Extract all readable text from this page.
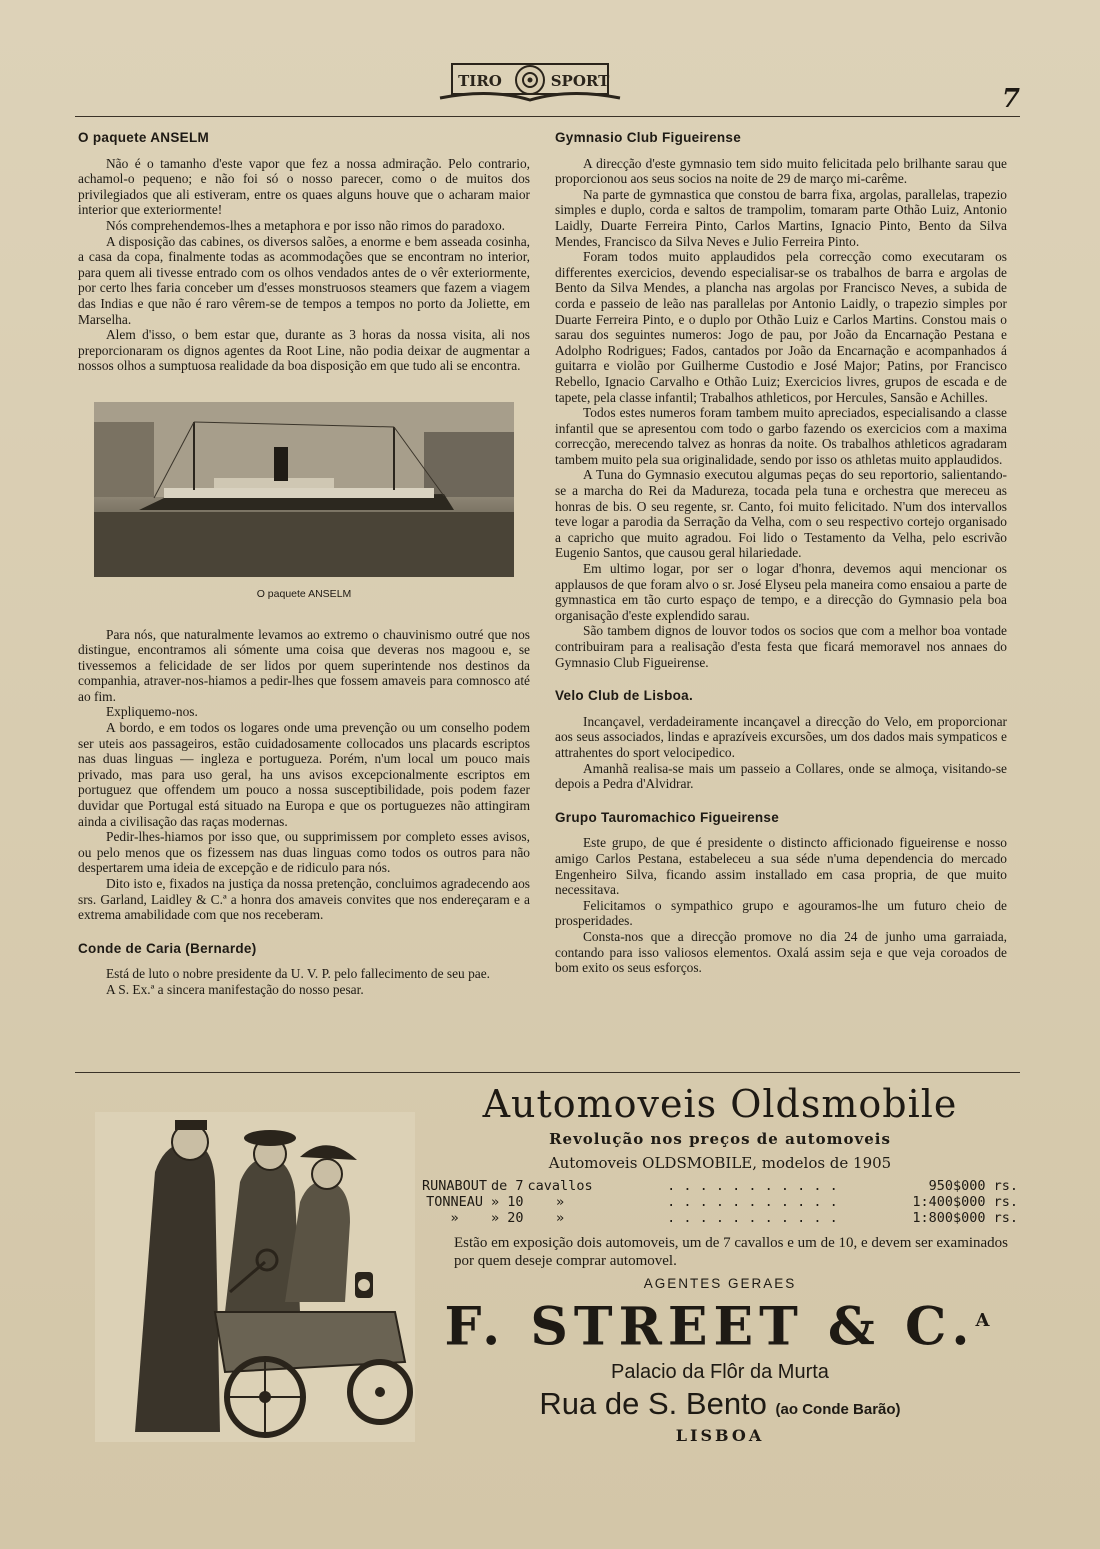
TIRO	SPORT
7
O paquete ANSELM

Não é o tamanho d'este vapor que fez a nossa admiração. Pelo contrario, achamol-o pequeno; e não foi só o nosso parecer, como o de muitos dos privilegiados que ali estiveram, entre os quaes alguns houve que o acharam maior interior que exteriormente!

Nós comprehendemos-lhes a metaphora e por isso não rimos do paradoxo.

A disposição das cabines, os diversos salões, a enorme e bem asseada cosinha, a casa da copa, finalmente todas as acommodações que se encontram no interior, para quem ali tivesse entrado com os olhos vendados antes de o vêr exteriormente, por certo lhes faria conceber um d'esses monstruosos steamers que fazem a viagem das Indias e que não é raro vêrem-se de tempos a tempos no porto da Joliette, em Marselha.

Alem d'isso, o bem estar que, durante as 3 horas da nossa visita, ali nos preporcionaram os dignos agentes da Root Line, não podia deixar de augmentar a nossos olhos a sumptuosa realidade da boa disposição em que tudo ali se encontra.

O paquete ANSELM

Para nós, que naturalmente levamos ao extremo o chauvinismo outré que nos distingue, encontramos ali sómente uma coisa que deveras nos magoou e, se tivessemos a felicidade de ser lidos por quem superintende nos destinos da companhia, atraver-nos-hiamos a pedir-lhes que fossem amaveis para comnosco até ao fim.

Expliquemo-nos.

A bordo, e em todos os logares onde uma prevenção ou um conselho podem ser uteis aos passageiros, estão cuidadosamente collocados uns placards escriptos nas duas linguas — ingleza e portugueza. Porém, n'um local um pouco mais privado, mas para uso geral, ha uns avisos excepcionalmente escriptos em portuguez que offendem um pouco a nossa susceptibilidade, pois podem fazer duvidar que Portugal está situado na Europa e que os portuguezes não attingiram ainda a civilisação das raças modernas.

Pedir-lhes-hiamos por isso que, ou supprimissem por completo esses avisos, ou pelo menos que os fizessem nas duas linguas como todos os outros para não despertarem uma ideia de excepção e de ridiculo para nós.

Dito isto e, fixados na justiça da nossa pretenção, concluimos agradecendo aos srs. Garland, Laidley & C.ª a honra dos amaveis convites que nos endereçaram e a extrema amabilidade com que nos receberam.

Conde de Caria (Bernarde)

Está de luto o nobre presidente da U. V. P. pelo fallecimento de seu pae.

A S. Ex.ª a sincera manifestação do nosso pesar.

Gymnasio Club Figueirense

A direcção d'este gymnasio tem sido muito felicitada pelo brilhante sarau que proporcionou aos seus socios na noite de 29 de março mi-carême.

Na parte de gymnastica que constou de barra fixa, argolas, parallelas, trapezio simples e duplo, corda e saltos de trampolim, tomaram parte Othão Luiz, Antonio Laidly, Duarte Ferreira Pinto, Carlos Martins, Ignacio Pinto, Bento da Silva Mendes, Francisco da Silva Neves e Julio Ferreira Pinto.

Foram todos muito applaudidos pela correcção como executaram os differentes exercicios, devendo especialisar-se os trabalhos de barra e argolas de Bento da Silva Mendes, a plancha nas argolas por Francisco Neves, a subida de corda e passeio de leão nas parallelas por Antonio Laidly, o trapezio simples por Duarte Ferreira Pinto, e o duplo por Othão Luiz e Carlos Martins. Constou mais o sarau dos seguintes numeros: Jogo de pau, por João da Encarnação Pestana e Adolpho Rodrigues; Fados, cantados por João da Encarnação e acompanhados á guitarra e violão por Guilherme Custodio e José Major; Patins, por Francisco Rebello, Ignacio Carvalho e Othão Luiz; Exercicios livres, grupos de escada e de tapete, pela classe infantil; Trabalhos athleticos, por Hercules, Sansão e Achilles.

Todos estes numeros foram tambem muito apreciados, especialisando a classe infantil que se apresentou com todo o garbo fazendo os exercicios com a maxima correcção, merecendo talvez as honras da noite. Os trabalhos athleticos agradaram tambem muito pela sua originalidade, sendo por isso os athletas muito applaudidos.

A Tuna do Gymnasio executou algumas peças do seu reportorio, salientando-se a marcha do Rei da Madureza, tocada pela tuna e orchestra que mereceu as honras de bis. O seu regente, sr. Canto, foi muito felicitado. N'um dos intervallos teve logar a parodia da Serração da Velha, com o seu respectivo cortejo organisado a capricho que muito agradou. Foi lido o Testamento da Velha, pelo escrivão Eugenio Santos, que causou geral hilariedade.

Em ultimo logar, por ser o logar d'honra, devemos aqui mencionar os applausos de que foram alvo o sr. José Elyseu pela maneira como ensaiou a parte de gymnastica em tão curto espaço de tempo, e a direcção do Gymnasio pela boa organisação d'este explendido sarau.

São tambem dignos de louvor todos os socios que com a melhor boa vontade contribuiram para a realisação d'esta festa que ficará memoravel nos annaes do Gymnasio Club Figueirense.

Velo Club de Lisboa.

Incançavel, verdadeiramente incançavel a direcção do Velo, em proporcionar aos seus associados, lindas e aprazíveis excursões, um dos dados mais sympaticos e attrahentes do sport velocipedico.

Amanhã realisa-se mais um passeio a Collares, onde se almoça, visitando-se depois a Pedra d'Alvidrar.

Grupo Tauromachico Figueirense

Este grupo, de que é presidente o distincto afficionado figueirense e nosso amigo Carlos Pestana, estabeleceu a sua séde n'uma dependencia do mercado Engenheiro Silva, ficando assim installado em casa propria, de que muito necessitava.

Felicitamos o sympathico grupo e agouramos-lhe um futuro cheio de prosperidades.

Consta-nos que a direcção promove no dia 24 de junho uma garraiada, contando para isso valiosos elementos. Oxalá assim seja e que veja coroados de bom exito os seus esforços.

Automoveis Oldsmobile
Revolução nos preços de automoveis
Automoveis OLDSMOBILE, modelos de 1905
RUNABOUT	de 7	cavallos	. . . . . . . . . . .	950$000 rs.
TONNEAU	» 10	»	. . . . . . . . . . .	1:400$000 rs.
»	» 20	»	. . . . . . . . . . .	1:800$000 rs.
Estão em exposição dois automoveis, um de 7 cavallos e um de 10, e devem ser examinados por quem deseje comprar automovel.
AGENTES GERAES
F. STREET & C.$^A$
Palacio da Flôr da Murta
Rua de S. Bento (ao Conde Barão)
LISBOA
